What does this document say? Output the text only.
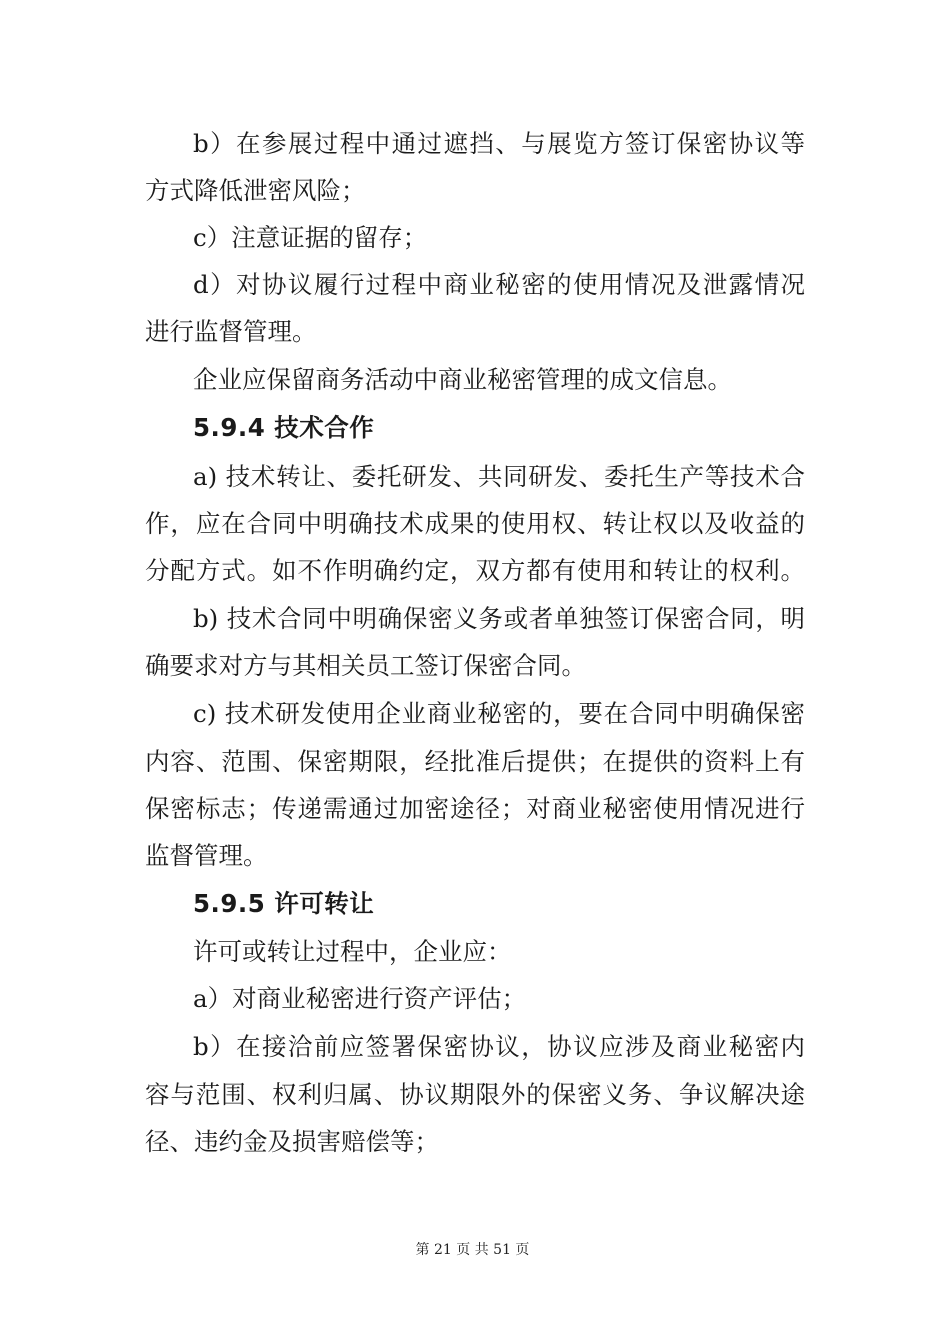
b）在参展过程中通过遮挡、与展览方签订保密协议等
方式降低泄密风险；
c）注意证据的留存；
d）对协议履行过程中商业秘密的使用情况及泄露情况
进行监督管理。
企业应保留商务活动中商业秘密管理的成文信息。
5.9.4 技术合作
a) 技术转让、委托研发、共同研发、委托生产等技术合
作，应在合同中明确技术成果的使用权、转让权以及收益的
分配方式。如不作明确约定，双方都有使用和转让的权利。
b) 技术合同中明确保密义务或者单独签订保密合同，明
确要求对方与其相关员工签订保密合同。
c) 技术研发使用企业商业秘密的，要在合同中明确保密
内容、范围、保密期限，经批准后提供；在提供的资料上有
保密标志；传递需通过加密途径；对商业秘密使用情况进行
监督管理。
5.9.5 许可转让
许可或转让过程中，企业应：
a）对商业秘密进行资产评估；
b）在接洽前应签署保密协议，协议应涉及商业秘密内
容与范围、权利归属、协议期限外的保密义务、争议解决途
径、违约金及损害赔偿等；
第 21 页 共 51 页
